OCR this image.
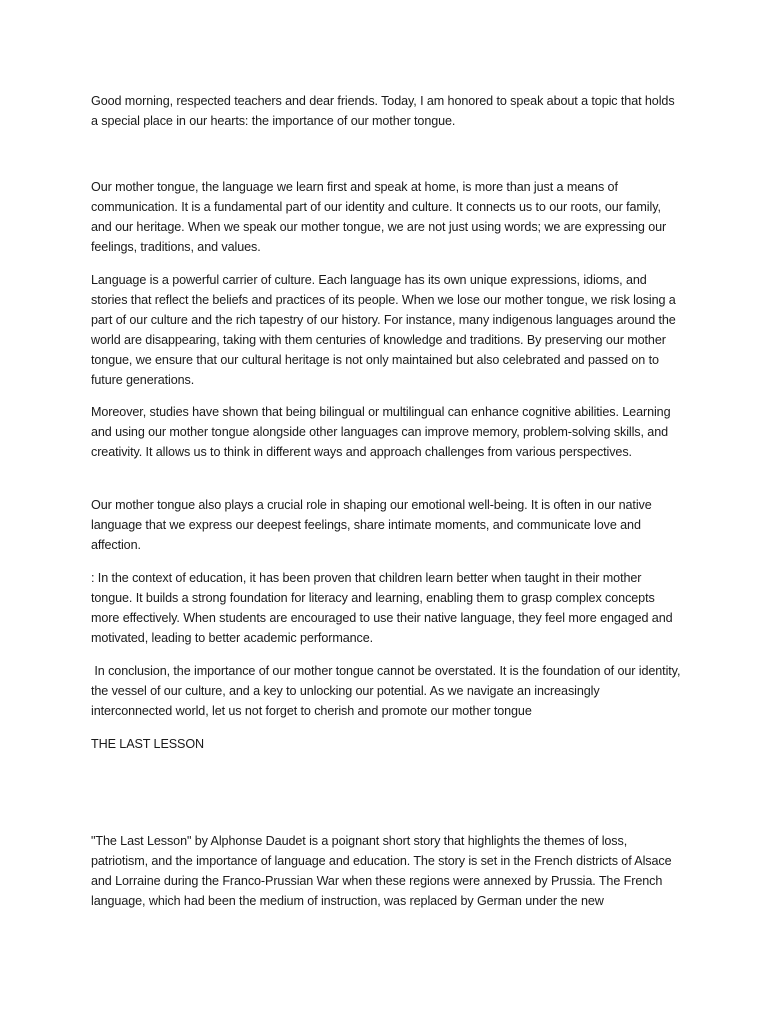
Good morning, respected teachers and dear friends. Today, I am honored to speak about a topic that holds a special place in our hearts: the importance of our mother tongue.

Our mother tongue, the language we learn first and speak at home, is more than just a means of communication. It is a fundamental part of our identity and culture. It connects us to our roots, our family, and our heritage. When we speak our mother tongue, we are not just using words; we are expressing our feelings, traditions, and values.

Language is a powerful carrier of culture. Each language has its own unique expressions, idioms, and stories that reflect the beliefs and practices of its people. When we lose our mother tongue, we risk losing a part of our culture and the rich tapestry of our history. For instance, many indigenous languages around the world are disappearing, taking with them centuries of knowledge and traditions. By preserving our mother tongue, we ensure that our cultural heritage is not only maintained but also celebrated and passed on to future generations.

Moreover, studies have shown that being bilingual or multilingual can enhance cognitive abilities. Learning and using our mother tongue alongside other languages can improve memory, problem-solving skills, and creativity. It allows us to think in different ways and approach challenges from various perspectives.

Our mother tongue also plays a crucial role in shaping our emotional well-being. It is often in our native language that we express our deepest feelings, share intimate moments, and communicate love and affection.

: In the context of education, it has been proven that children learn better when taught in their mother tongue. It builds a strong foundation for literacy and learning, enabling them to grasp complex concepts more effectively. When students are encouraged to use their native language, they feel more engaged and motivated, leading to better academic performance.

In conclusion, the importance of our mother tongue cannot be overstated. It is the foundation of our identity, the vessel of our culture, and a key to unlocking our potential. As we navigate an increasingly interconnected world, let us not forget to cherish and promote our mother tongue

THE LAST LESSON

"The Last Lesson" by Alphonse Daudet is a poignant short story that highlights the themes of loss, patriotism, and the importance of language and education. The story is set in the French districts of Alsace and Lorraine during the Franco-Prussian War when these regions were annexed by Prussia. The French language, which had been the medium of instruction, was replaced by German under the new
